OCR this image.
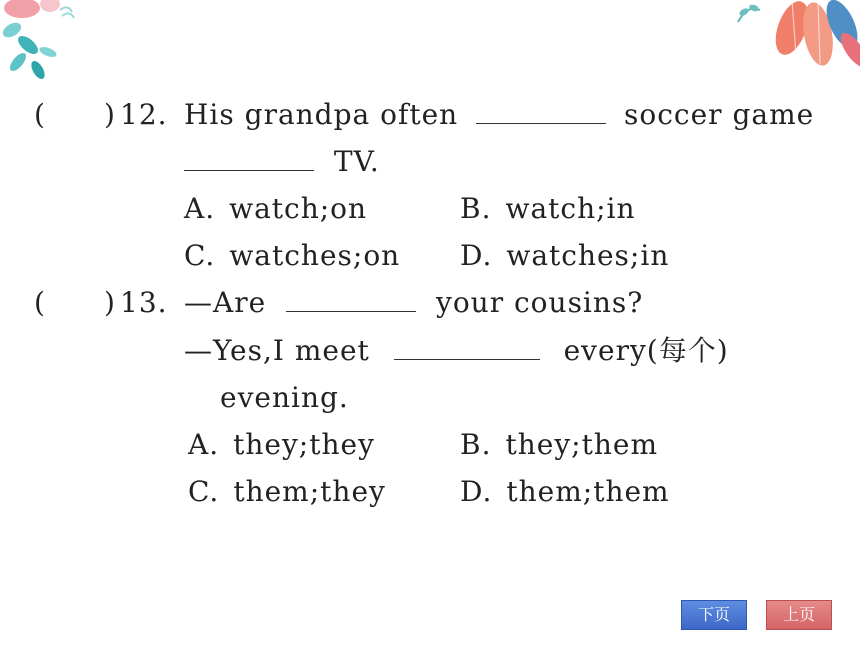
( ) 12. His grandpa often	soccer game
TV.
A. watch;on	B. watch;in
C. watches;on D. watches;in
( ) 13. —Are	your cousins?
—Yes,I meet	every(每个)
evening.
A. they;they	B. they;them
C. them;they	D. them;them
下页	上页
